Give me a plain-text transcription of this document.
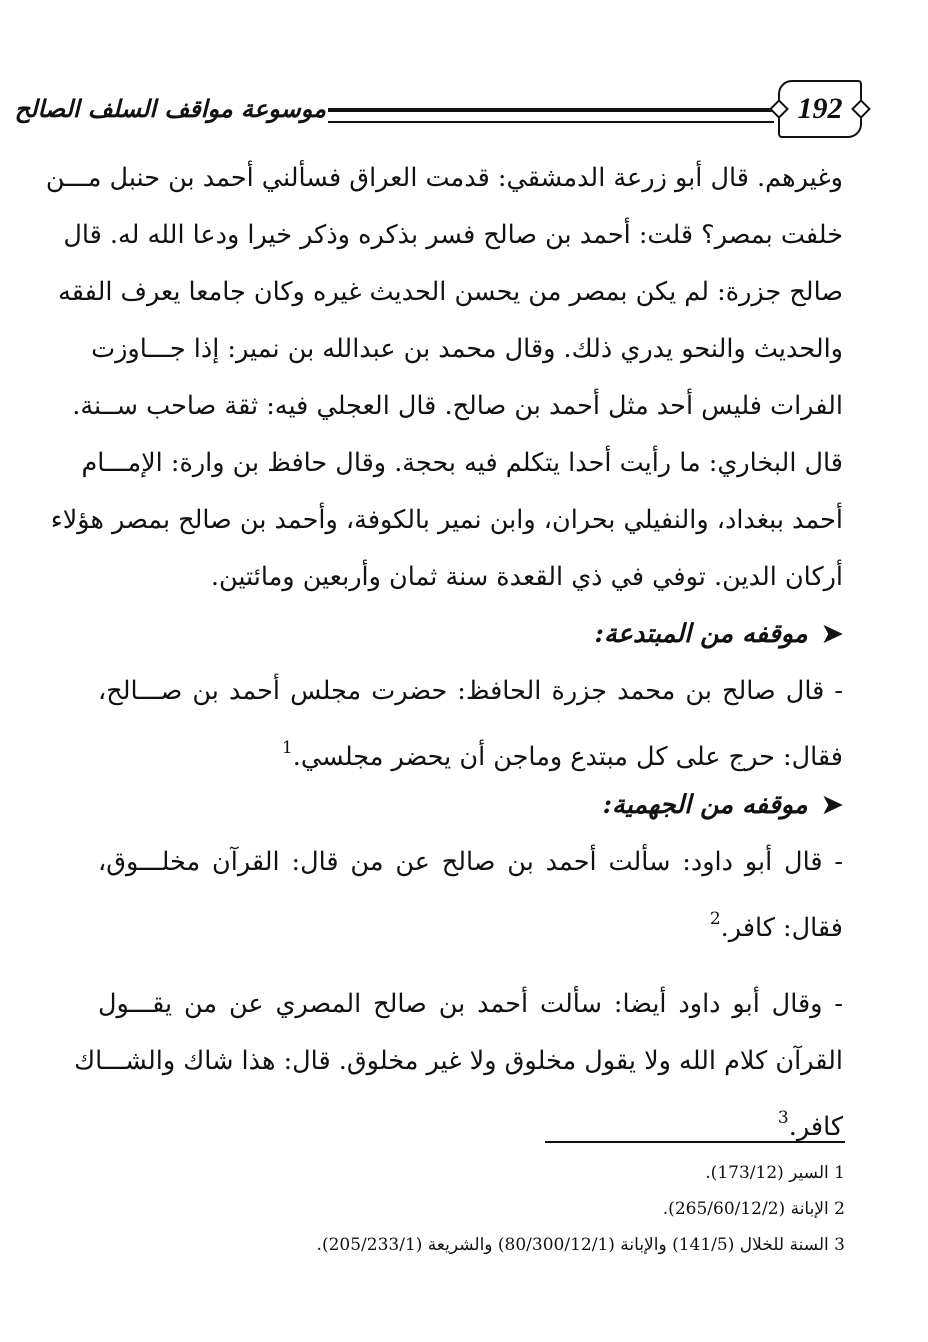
موسوعة مواقف السلف الصالح	192
وغيرهم. قال أبو زرعة الدمشقي: قدمت العراق فسألني أحمد بن حنبل مـــن
خلفت بمصر؟ قلت: أحمد بن صالح فسر بذكره وذكر خيرا ودعا الله له. قال
صالح جزرة: لم يكن بمصر من يحسن الحديث غيره وكان جامعا يعرف الفقه
والحديث والنحو يدري ذلك. وقال محمد بن عبدالله بن نمير: إذا جـــاوزت
الفرات فليس أحد مثل أحمد بن صالح. قال العجلي فيه: ثقة صاحب ســنة.
قال البخاري: ما رأيت أحدا يتكلم فيه بحجة. وقال حافظ بن وارة: الإمـــام
أحمد ببغداد، والنفيلي بحران، وابن نمير بالكوفة، وأحمد بن صالح بمصر هؤلاء
أركان الدين. توفي في ذي القعدة سنة ثمان وأربعين ومائتين.
➤موقفه من المبتدعة:
- قال صالح بن محمد جزرة الحافظ: حضرت مجلس أحمد بن صـــالح،
فقال: حرج على كل مبتدع وماجن أن يحضر مجلسي.$^1$
➤موقفه من الجهمية:
- قال أبو داود: سألت أحمد بن صالح عن من قال: القرآن مخلـــوق،
فقال: كافر.$^2$
- وقال أبو داود أيضا: سألت أحمد بن صالح المصري عن من يقـــول
القرآن كلام الله ولا يقول مخلوق ولا غير مخلوق. قال: هذا شاك والشـــاك
كافر.$^3$
1 السير (173/12).
2 الإبانة (265/60/12/2).
3 السنة للخلال (141/5) والإبانة (80/300/12/1) والشريعة (205/233/1).
